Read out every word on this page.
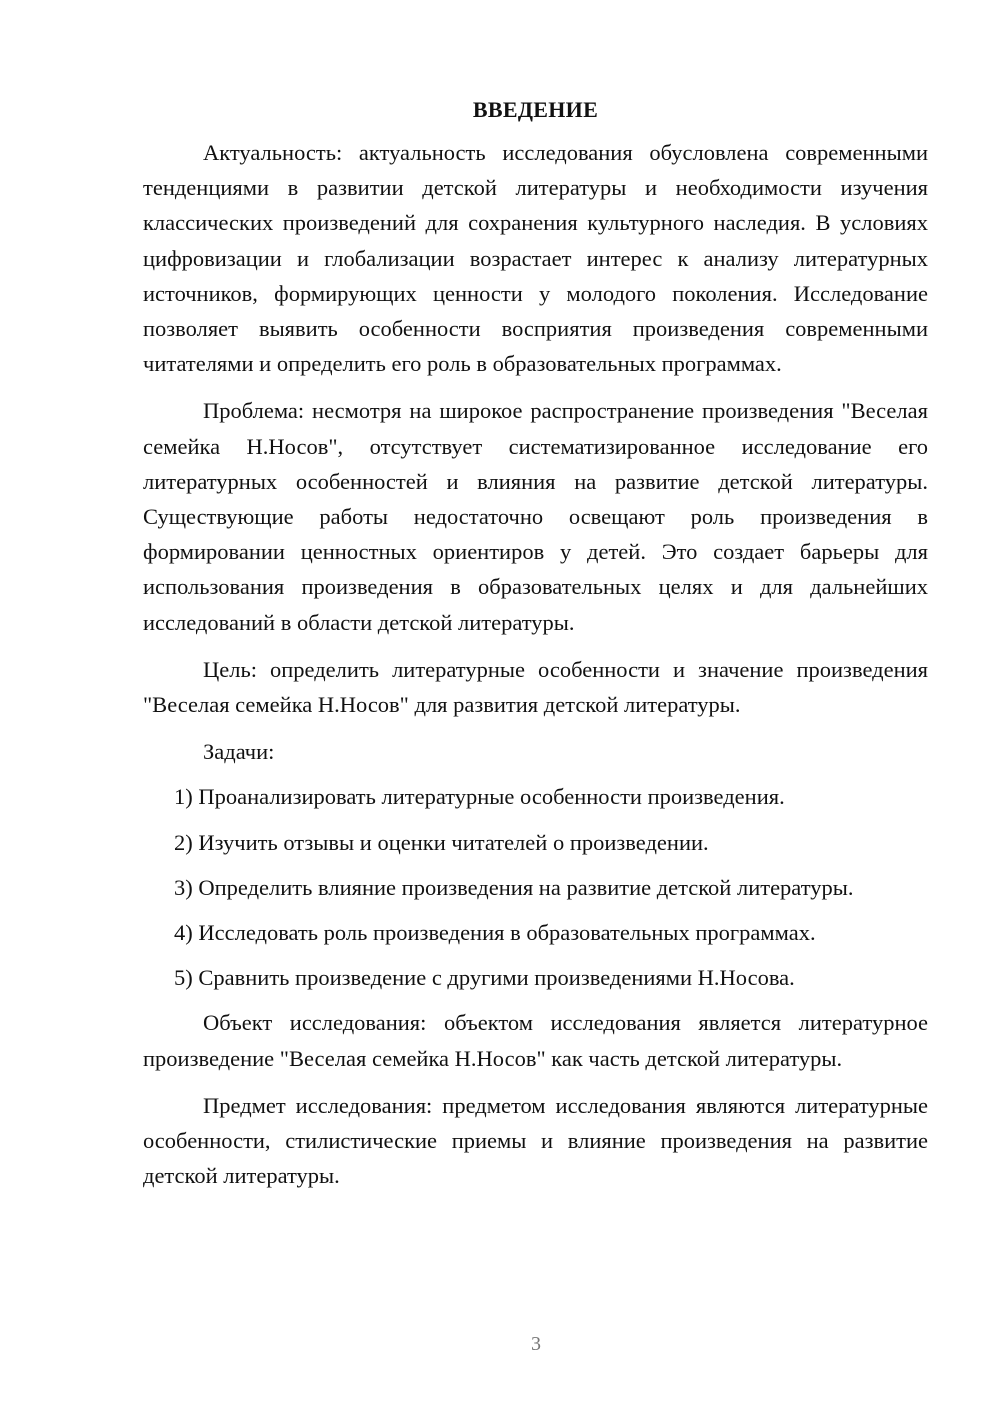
ВВЕДЕНИЕ

Актуальность: актуальность исследования обусловлена современными тенденциями в развитии детской литературы и необходимости изучения классических произведений для сохранения культурного наследия. В условиях цифровизации и глобализации возрастает интерес к анализу литературных источников, формирующих ценности у молодого поколения. Исследование позволяет выявить особенности восприятия произведения современными читателями и определить его роль в образовательных программах.

Проблема: несмотря на широкое распространение произведения "Веселая семейка Н.Носов", отсутствует систематизированное исследование его литературных особенностей и влияния на развитие детской литературы. Существующие работы недостаточно освещают роль произведения в формировании ценностных ориентиров у детей. Это создает барьеры для использования произведения в образовательных целях и для дальнейших исследований в области детской литературы.

Цель: определить литературные особенности и значение произведения "Веселая семейка Н.Носов" для развития детской литературы.

Задачи:

1) Проанализировать литературные особенности произведения.
2) Изучить отзывы и оценки читателей о произведении.
3) Определить влияние произведения на развитие детской литературы.
4) Исследовать роль произведения в образовательных программах.
5) Сравнить произведение с другими произведениями Н.Носова.

Объект исследования: объектом исследования является литературное произведение "Веселая семейка Н.Носов" как часть детской литературы.

Предмет исследования: предметом исследования являются литературные особенности, стилистические приемы и влияние произведения на развитие детской литературы.

3
